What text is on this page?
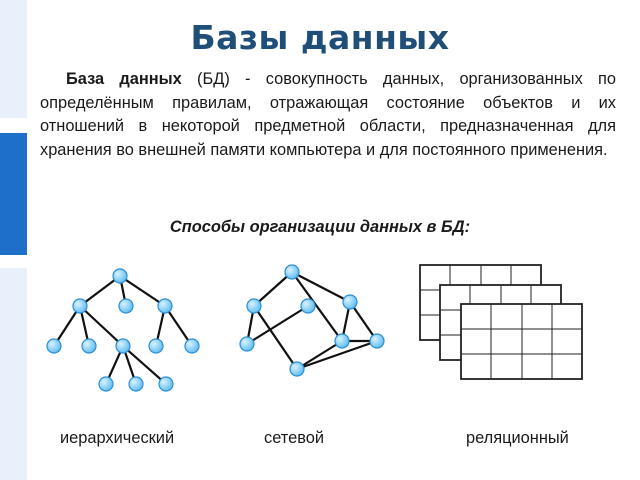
Базы данных
База данных (БД) - совокупность данных, организованных по определённым правилам, отражающая состояние объектов и их отношений в некоторой предметной области, предназначенная для хранения во внешней памяти компьютера и для постоянного применения.
Способы организации данных в БД:
иерархический	сетевой	реляционный
